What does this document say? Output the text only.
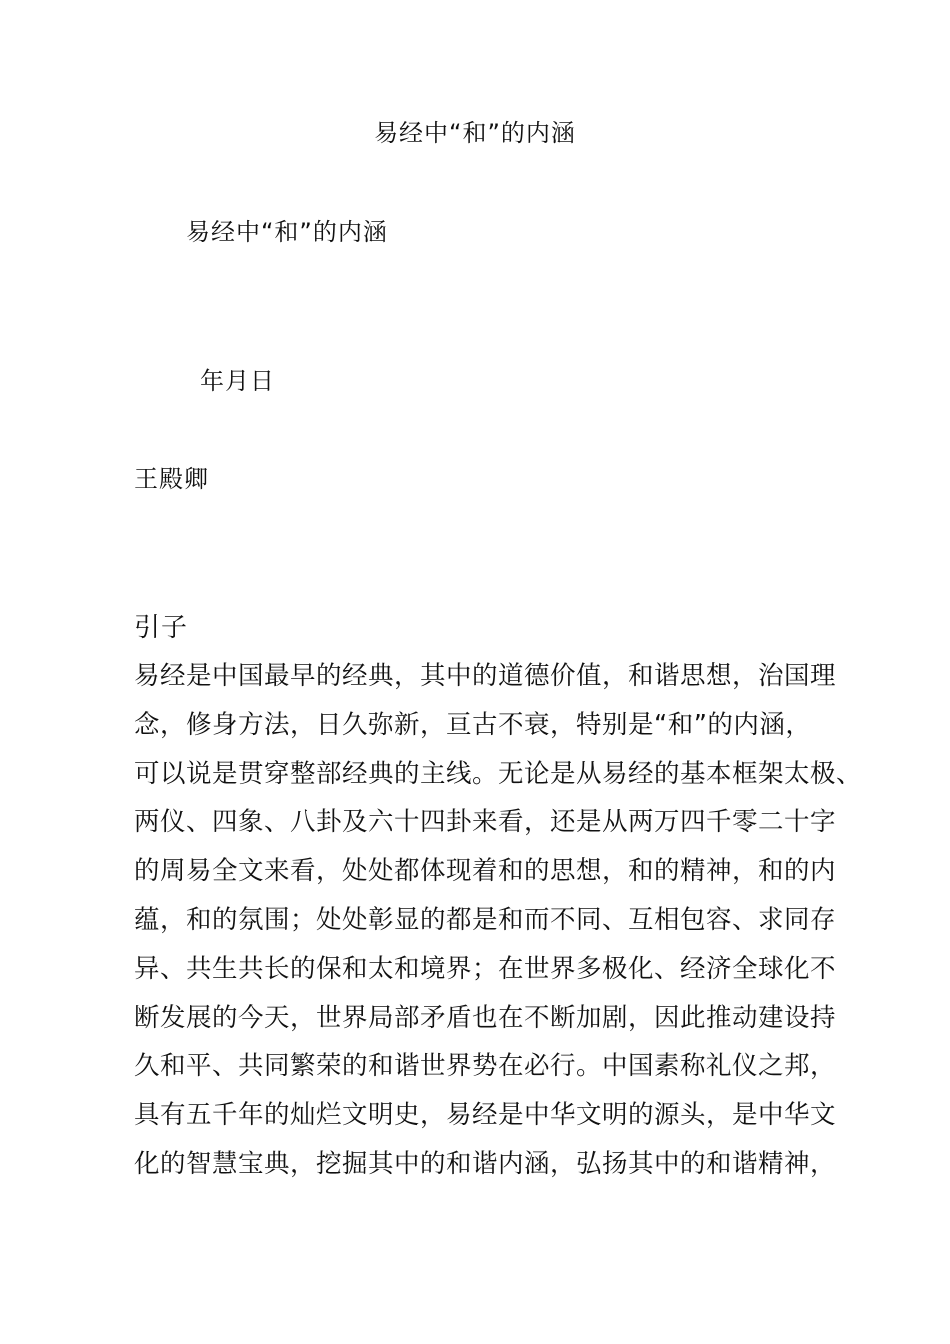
易经中“和”的内涵
易经中“和”的内涵
年月日
王殿卿
引子
易经是中国最早的经典，其中的道德价值，和谐思想，治国理
念，修身方法，日久弥新，亘古不衰，特别是“和”的内涵，
可以说是贯穿整部经典的主线。无论是从易经的基本框架太极、
两仪、四象、八卦及六十四卦来看，还是从两万四千零二十字
的周易全文来看，处处都体现着和的思想，和的精神，和的内
蕴，和的氛围；处处彰显的都是和而不同、互相包容、求同存
异、共生共长的保和太和境界；在世界多极化、经济全球化不
断发展的今天，世界局部矛盾也在不断加剧，因此推动建设持
久和平、共同繁荣的和谐世界势在必行。中国素称礼仪之邦，
具有五千年的灿烂文明史，易经是中华文明的源头，是中华文
化的智慧宝典，挖掘其中的和谐内涵，弘扬其中的和谐精神，
